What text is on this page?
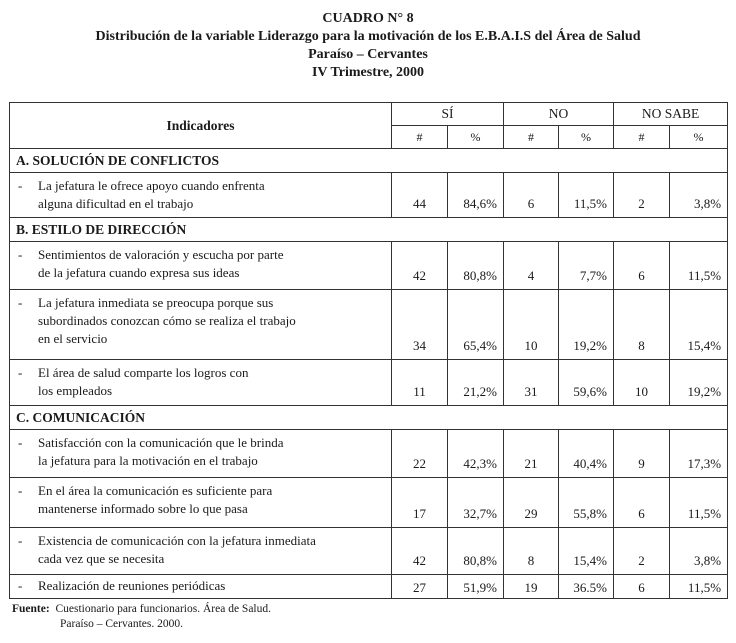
CUADRO N° 8
Distribución de la variable Liderazgo para la motivación de los E.B.A.I.S del Área de Salud
Paraíso – Cervantes
IV Trimestre, 2000
Indicadores	SÍ		NO		NO SABE	
	#	%	#	%	#	%
A. SOLUCIÓN DE CONFLICTOS						
- La jefatura le ofrece apoyo cuando enfrenta
alguna dificultad en el trabajo	44	84,6%	6	11,5%	2	3,8%
B. ESTILO DE DIRECCIÓN						
- Sentimientos de valoración y escucha por parte
de la jefatura cuando expresa sus ideas	42	80,8%	4	7,7%	6	11,5%
- La jefatura inmediata se preocupa porque sus
subordinados conozcan cómo se realiza el trabajo
en el servicio	34	65,4%	10	19,2%	8	15,4%
- El área de salud comparte los logros con
los empleados	11	21,2%	31	59,6%	10	19,2%
C. COMUNICACIÓN						
- Satisfacción con la comunicación que le brinda
la jefatura para la motivación en el trabajo	22	42,3%	21	40,4%	9	17,3%
- En el área la comunicación es suficiente para
mantenerse informado sobre lo que pasa	17	32,7%	29	55,8%	6	11,5%
- Existencia de comunicación con la jefatura inmediata
cada vez que se necesita	42	80,8%	8	15,4%	2	3,8%
- Realización de reuniones periódicas	27	51,9%	19	36.5%	6	11,5%
Fuente: Cuestionario para funcionarios. Área de Salud.
Paraíso – Cervantes. 2000.
